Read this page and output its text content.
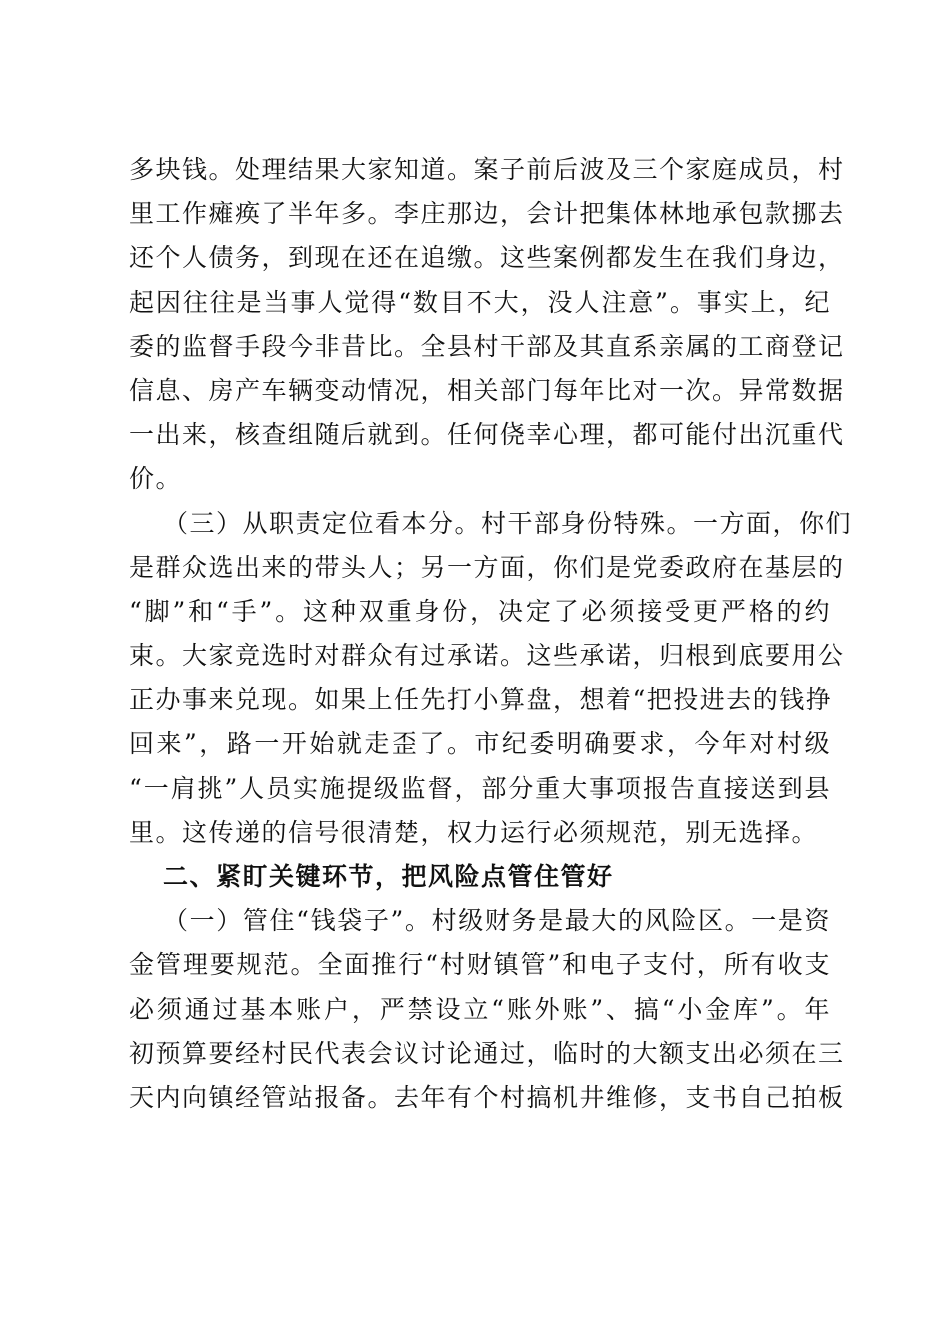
多块钱。处理结果大家知道。案子前后波及三个家庭成员，村
里工作瘫痪了半年多。李庄那边，会计把集体林地承包款挪去
还个人债务，到现在还在追缴。这些案例都发生在我们身边，
起因往往是当事人觉得“数目不大，没人注意”。事实上，纪
委的监督手段今非昔比。全县村干部及其直系亲属的工商登记
信息、房产车辆变动情况，相关部门每年比对一次。异常数据
一出来，核查组随后就到。任何侥幸心理，都可能付出沉重代
价。
（三）从职责定位看本分。村干部身份特殊。一方面，你们
是群众选出来的带头人；另一方面，你们是党委政府在基层的
“脚”和“手”。这种双重身份，决定了必须接受更严格的约
束。大家竞选时对群众有过承诺。这些承诺，归根到底要用公
正办事来兑现。如果上任先打小算盘，想着“把投进去的钱挣
回来”，路一开始就走歪了。市纪委明确要求，今年对村级
“一肩挑”人员实施提级监督，部分重大事项报告直接送到县
里。这传递的信号很清楚，权力运行必须规范，别无选择。
二、紧盯关键环节，把风险点管住管好
（一）管住“钱袋子”。村级财务是最大的风险区。一是资
金管理要规范。全面推行“村财镇管”和电子支付，所有收支
必须通过基本账户，严禁设立“账外账”、搞“小金库”。年
初预算要经村民代表会议讨论通过，临时的大额支出必须在三
天内向镇经管站报备。去年有个村搞机井维修，支书自己拍板
